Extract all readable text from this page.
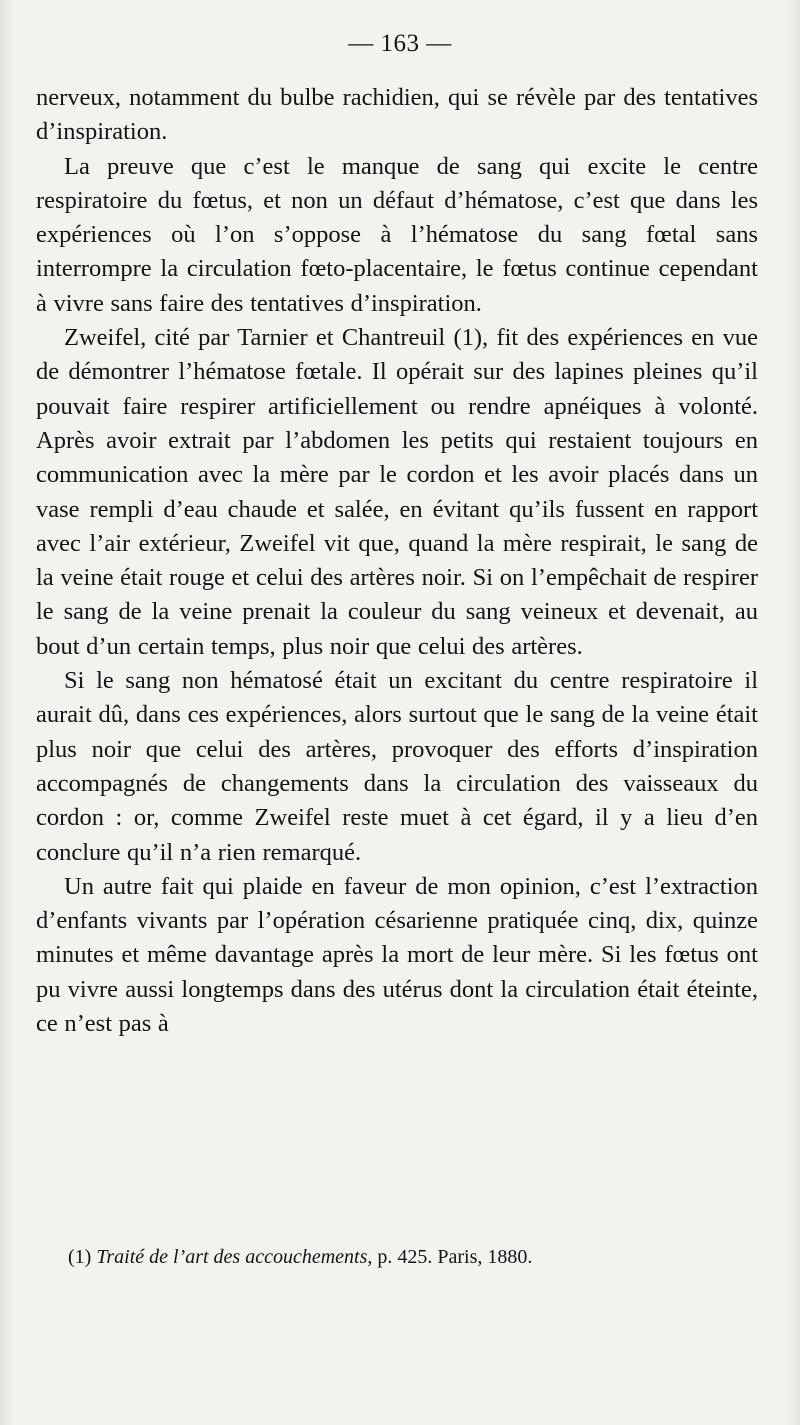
— 163 —

nerveux, notamment du bulbe rachidien, qui se révèle par des tentatives d’inspiration.

La preuve que c’est le manque de sang qui excite le centre respiratoire du fœtus, et non un défaut d’hématose, c’est que dans les expériences où l’on s’oppose à l’hématose du sang fœtal sans interrompre la circulation fœto-placentaire, le fœtus continue cependant à vivre sans faire des tentatives d’inspiration.

Zweifel, cité par Tarnier et Chantreuil (1), fit des expériences en vue de démontrer l’hématose fœtale. Il opérait sur des lapines pleines qu’il pouvait faire respirer artificiellement ou rendre apnéiques à volonté. Après avoir extrait par l’abdomen les petits qui restaient toujours en communication avec la mère par le cordon et les avoir placés dans un vase rempli d’eau chaude et salée, en évitant qu’ils fussent en rapport avec l’air extérieur, Zweifel vit que, quand la mère respirait, le sang de la veine était rouge et celui des artères noir. Si on l’empêchait de respirer le sang de la veine prenait la couleur du sang veineux et devenait, au bout d’un certain temps, plus noir que celui des artères.

Si le sang non hématosé était un excitant du centre respiratoire il aurait dû, dans ces expériences, alors surtout que le sang de la veine était plus noir que celui des artères, provoquer des efforts d’inspiration accompagnés de changements dans la circulation des vaisseaux du cordon : or, comme Zweifel reste muet à cet égard, il y a lieu d’en conclure qu’il n’a rien remarqué.

Un autre fait qui plaide en faveur de mon opinion, c’est l’extraction d’enfants vivants par l’opération césarienne pratiquée cinq, dix, quinze minutes et même davantage après la mort de leur mère. Si les fœtus ont pu vivre aussi longtemps dans des utérus dont la circulation était éteinte, ce n’est pas à

(1) Traité de l’art des accouchements, p. 425. Paris, 1880.
